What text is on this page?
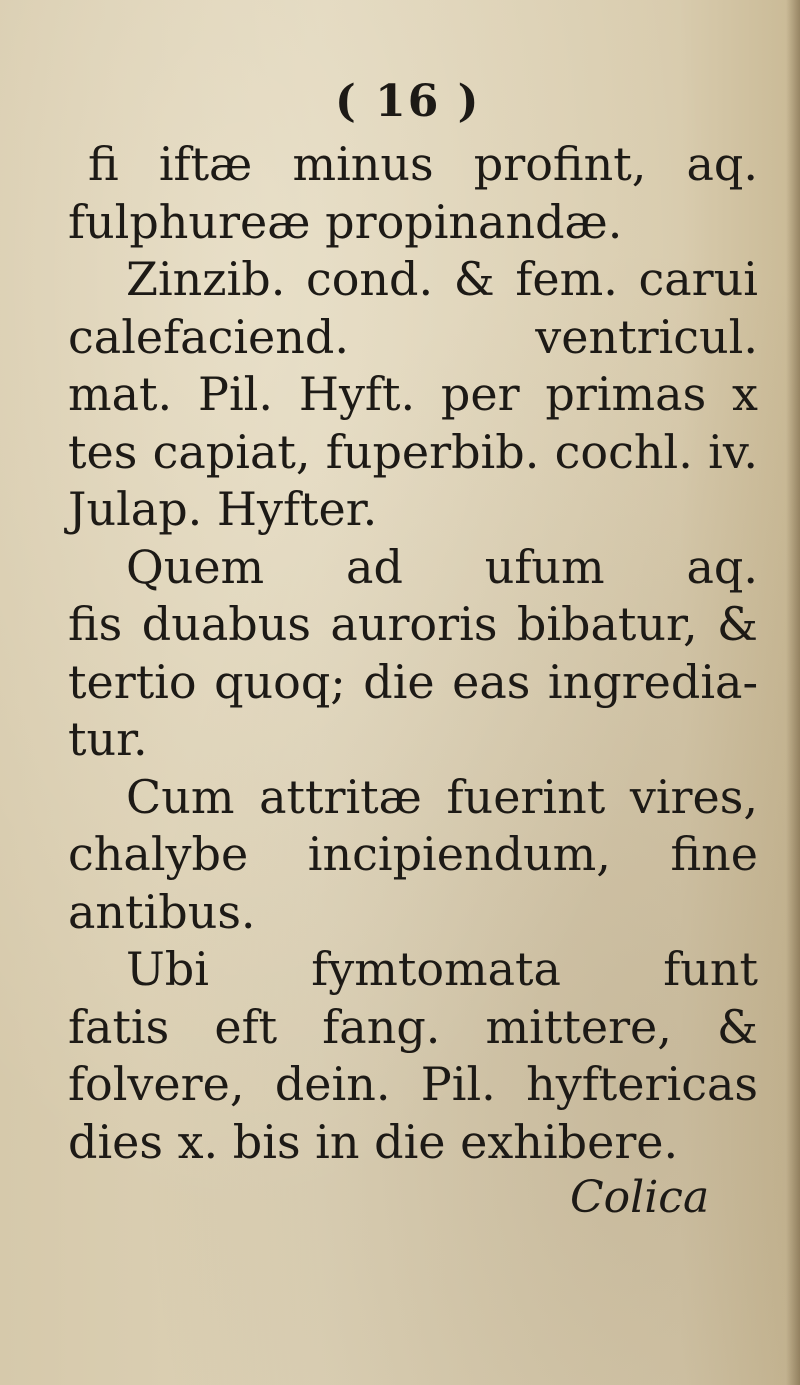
( 16 )
fi iftæ minus profint, aq.
fulphureæ propinandæ.
Zinzib. cond. & fem. carui
calefaciend. ventricul.
mat. Pil. Hyft. per primas x
tes capiat, fuperbib. cochl. iv.
Julap. Hyfter.
Quem ad ufum aq.
fis duabus auroris bibatur, &
tertio quoq; die eas ingredia-
tur.
Cum attritæ fuerint vires,
chalybe incipiendum, fine
antibus.
Ubi fymtomata funt
fatis eft fang. mittere, &
folvere, dein. Pil. hyftericas
dies x. bis in die exhibere.
Colica
